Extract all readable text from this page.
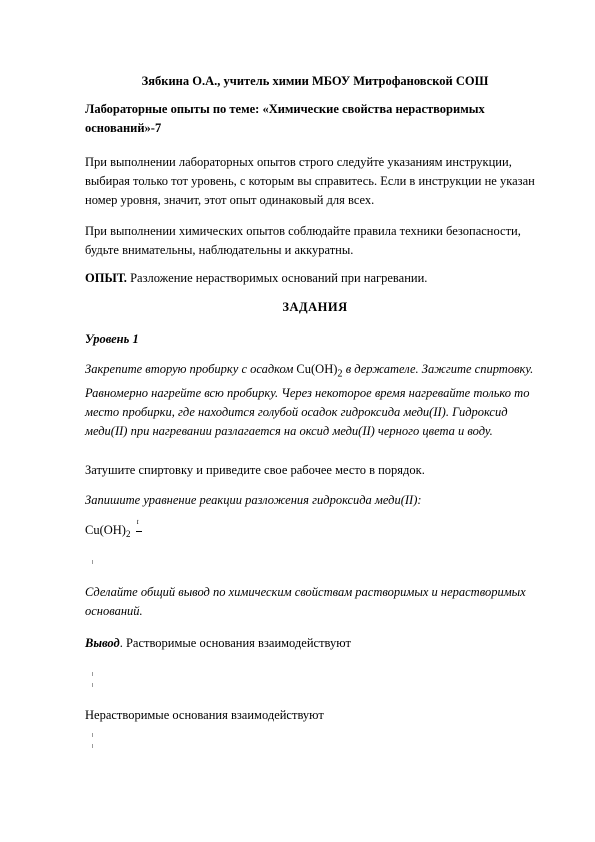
Зябкина О.А., учитель химии МБОУ Митрофановской СОШ
Лабораторные опыты по теме: «Химические свойства нерастворимых оснований»-7
При выполнении лабораторных опытов строго следуйте указаниям инструкции, выбирая только тот уровень, с которым вы справитесь. Если в инструкции не указан номер уровня, значит, этот опыт одинаковый для всех.
При выполнении химических опытов соблюдайте правила техники безопасности, будьте внимательны, наблюдательны и аккуратны.
ОПЫТ. Разложение нерастворимых оснований при нагревании.
ЗАДАНИЯ
Уровень 1
Закрепите вторую пробирку с осадком $Cu(OH)_2$ в держателе. Зажгите спиртовку. Равномерно нагрейте всю пробирку. Через некоторое время нагревайте только то место пробирки, где находится голубой осадок гидроксида меди(II). Гидроксид меди(II) при нагревании разлагается на оксид меди(II) черного цвета и воду.
Затушите спиртовку и приведите свое рабочее место в порядок.
Запишите уравнение реакции разложения гидроксида меди(II):
$Cu(OH)_2$
t
Сделайте общий вывод по химическим свойствам растворимых и нерастворимых оснований.
Вывод. Растворимые основания взаимодействуют
Нерастворимые основания взаимодействуют
